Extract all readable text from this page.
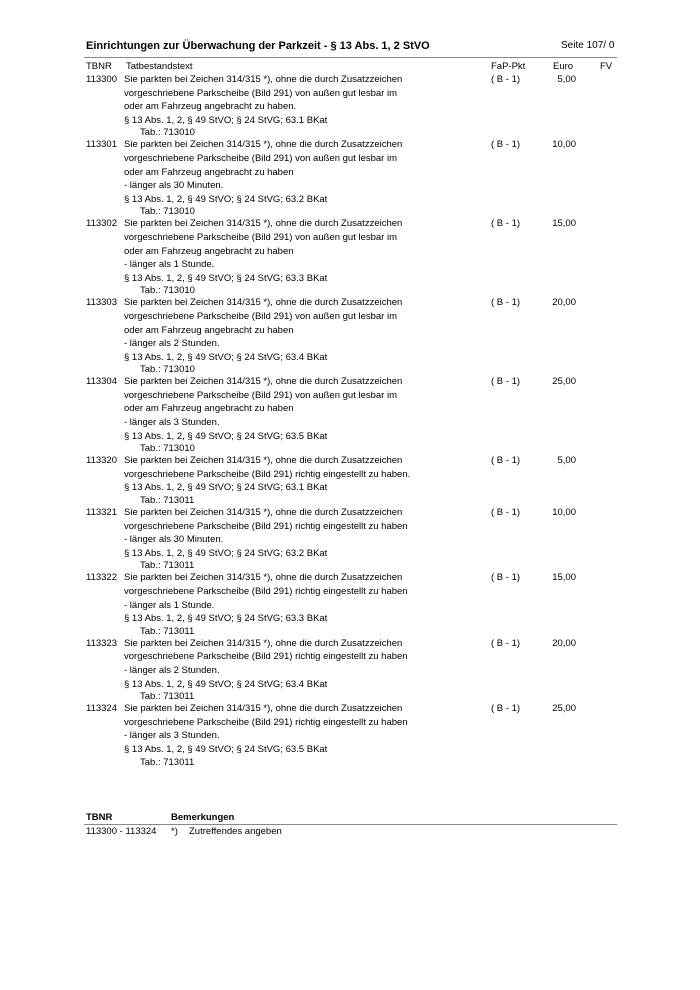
Einrichtungen zur Überwachung der Parkzeit - § 13 Abs. 1, 2 StVO	Seite 107/ 0
TBNR Tatbestandstext	FaP-Pkt	Euro	FV
113300 Sie parkten bei Zeichen 314/315 *), ohne die durch Zusatzzeichen
vorgeschriebene Parkscheibe (Bild 291) von außen gut lesbar im
oder am Fahrzeug angebracht zu haben.
§ 13 Abs. 1, 2, § 49 StVO; § 24 StVG; 63.1 BKat
Tab.: 713010
( B - 1)	5,00
113301 Sie parkten bei Zeichen 314/315 *), ohne die durch Zusatzzeichen
vorgeschriebene Parkscheibe (Bild 291) von außen gut lesbar im
oder am Fahrzeug angebracht zu haben
- länger als 30 Minuten.
§ 13 Abs. 1, 2, § 49 StVO; § 24 StVG; 63.2 BKat
Tab.: 713010
( B - 1)	10,00
113302 Sie parkten bei Zeichen 314/315 *), ohne die durch Zusatzzeichen
vorgeschriebene Parkscheibe (Bild 291) von außen gut lesbar im
oder am Fahrzeug angebracht zu haben
- länger als 1 Stunde.
§ 13 Abs. 1, 2, § 49 StVO; § 24 StVG; 63.3 BKat
Tab.: 713010
( B - 1)	15,00
113303 Sie parkten bei Zeichen 314/315 *), ohne die durch Zusatzzeichen
vorgeschriebene Parkscheibe (Bild 291) von außen gut lesbar im
oder am Fahrzeug angebracht zu haben
- länger als 2 Stunden.
§ 13 Abs. 1, 2, § 49 StVO; § 24 StVG; 63.4 BKat
Tab.: 713010
( B - 1)	20,00
113304 Sie parkten bei Zeichen 314/315 *), ohne die durch Zusatzzeichen
vorgeschriebene Parkscheibe (Bild 291) von außen gut lesbar im
oder am Fahrzeug angebracht zu haben
- länger als 3 Stunden.
§ 13 Abs. 1, 2, § 49 StVO; § 24 StVG; 63.5 BKat
Tab.: 713010
( B - 1)	25,00
113320 Sie parkten bei Zeichen 314/315 *), ohne die durch Zusatzzeichen
vorgeschriebene Parkscheibe (Bild 291) richtig eingestellt zu haben.
§ 13 Abs. 1, 2, § 49 StVO; § 24 StVG; 63.1 BKat
Tab.: 713011
( B - 1)	5,00
113321 Sie parkten bei Zeichen 314/315 *), ohne die durch Zusatzzeichen
vorgeschriebene Parkscheibe (Bild 291) richtig eingestellt zu haben
- länger als 30 Minuten.
§ 13 Abs. 1, 2, § 49 StVO; § 24 StVG; 63.2 BKat
Tab.: 713011
( B - 1)	10,00
113322 Sie parkten bei Zeichen 314/315 *), ohne die durch Zusatzzeichen
vorgeschriebene Parkscheibe (Bild 291) richtig eingestellt zu haben
- länger als 1 Stunde.
§ 13 Abs. 1, 2, § 49 StVO; § 24 StVG; 63.3 BKat
Tab.: 713011
( B - 1)	15,00
113323 Sie parkten bei Zeichen 314/315 *), ohne die durch Zusatzzeichen
vorgeschriebene Parkscheibe (Bild 291) richtig eingestellt zu haben
- länger als 2 Stunden.
§ 13 Abs. 1, 2, § 49 StVO; § 24 StVG; 63.4 BKat
Tab.: 713011
( B - 1)	20,00
113324 Sie parkten bei Zeichen 314/315 *), ohne die durch Zusatzzeichen
vorgeschriebene Parkscheibe (Bild 291) richtig eingestellt zu haben
- länger als 3 Stunden.
§ 13 Abs. 1, 2, § 49 StVO; § 24 StVG; 63.5 BKat
Tab.: 713011
( B - 1)	25,00
TBNR	Bemerkungen
113300 - 113324 *) Zutreffendes angeben
